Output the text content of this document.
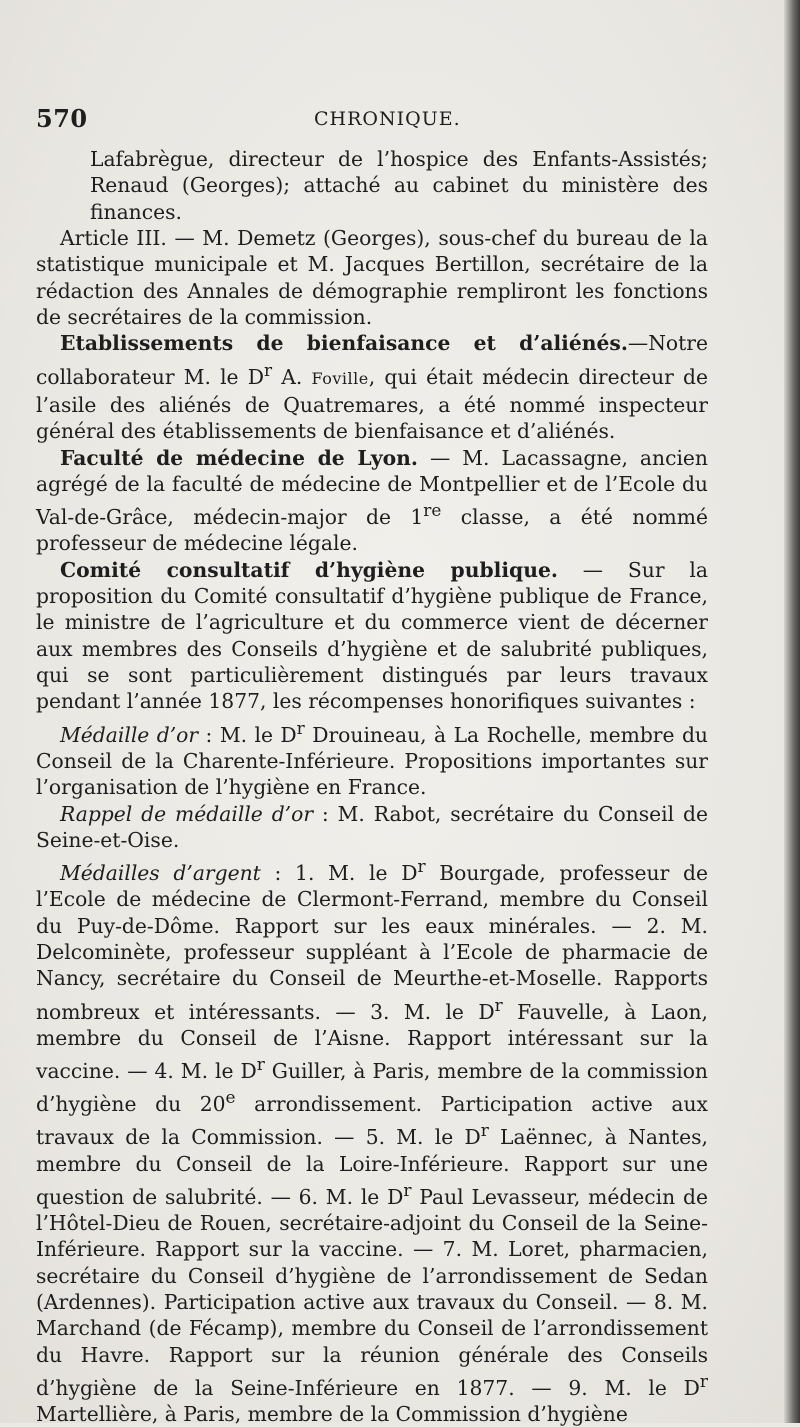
570	CHRONIQUE.

Lafabrègue, directeur de l’hospice des Enfants-Assistés; Renaud (Georges); attaché au cabinet du ministère des finances.

Article III. — M. Demetz (Georges), sous-chef du bureau de la statistique municipale et M. Jacques Bertillon, secrétaire de la rédaction des Annales de démographie rempliront les fonctions de secrétaires de la commission.

Etablissements de bienfaisance et d’aliénés.—Notre collaborateur M. le $D^r$ A. Foville, qui était médecin directeur de l’asile des aliénés de Quatremares, a été nommé inspecteur général des établissements de bienfaisance et d’aliénés.

Faculté de médecine de Lyon. — M. Lacassagne, ancien agrégé de la faculté de médecine de Montpellier et de l’Ecole du Val-de-Grâce, médecin-major de 1re classe, a été nommé professeur de médecine légale.

Comité consultatif d’hygiène publique. — Sur la proposition du Comité consultatif d’hygiène publique de France, le ministre de l’agriculture et du commerce vient de décerner aux membres des Conseils d’hygiène et de salubrité publiques, qui se sont particulièrement distingués par leurs travaux pendant l’année 1877, les récompenses honorifiques suivantes :

Médaille d’or : M. le $D^r$ Drouineau, à La Rochelle, membre du Conseil de la Charente-Inférieure. Propositions importantes sur l’organisation de l’hygiène en France.

Rappel de médaille d’or : M. Rabot, secrétaire du Conseil de Seine-et-Oise.

Médailles d’argent : 1. M. le $D^r$ Bourgade, professeur de l’Ecole de médecine de Clermont-Ferrand, membre du Conseil du Puy-de-Dôme. Rapport sur les eaux minérales. — 2. M. Delcominète, professeur suppléant à l’Ecole de pharmacie de Nancy, secrétaire du Conseil de Meurthe-et-Moselle. Rapports nombreux et intéressants. — 3. M. le $D^r$ Fauvelle, à Laon, membre du Conseil de l’Aisne. Rapport intéressant sur la vaccine. — 4. M. le $D^r$ Guiller, à Paris, membre de la commission d’hygiène du 20e arrondissement. Participation active aux travaux de la Commission. — 5. M. le $D^r$ Laënnec, à Nantes, membre du Conseil de la Loire-Inférieure. Rapport sur une question de salubrité. — 6. M. le $D^r$ Paul Levasseur, médecin de l’Hôtel-Dieu de Rouen, secrétaire-adjoint du Conseil de la Seine-Inférieure. Rapport sur la vaccine. — 7. M. Loret, pharmacien, secrétaire du Conseil d’hygiène de l’arrondissement de Sedan (Ardennes). Participation active aux travaux du Conseil. — 8. M. Marchand (de Fécamp), membre du Conseil de l’arrondissement du Havre. Rapport sur la réunion générale des Conseils d’hygiène de la Seine-Inférieure en 1877. — 9. M. le $D^r$ Martellière, à Paris, membre de la Commission d’hygiène
